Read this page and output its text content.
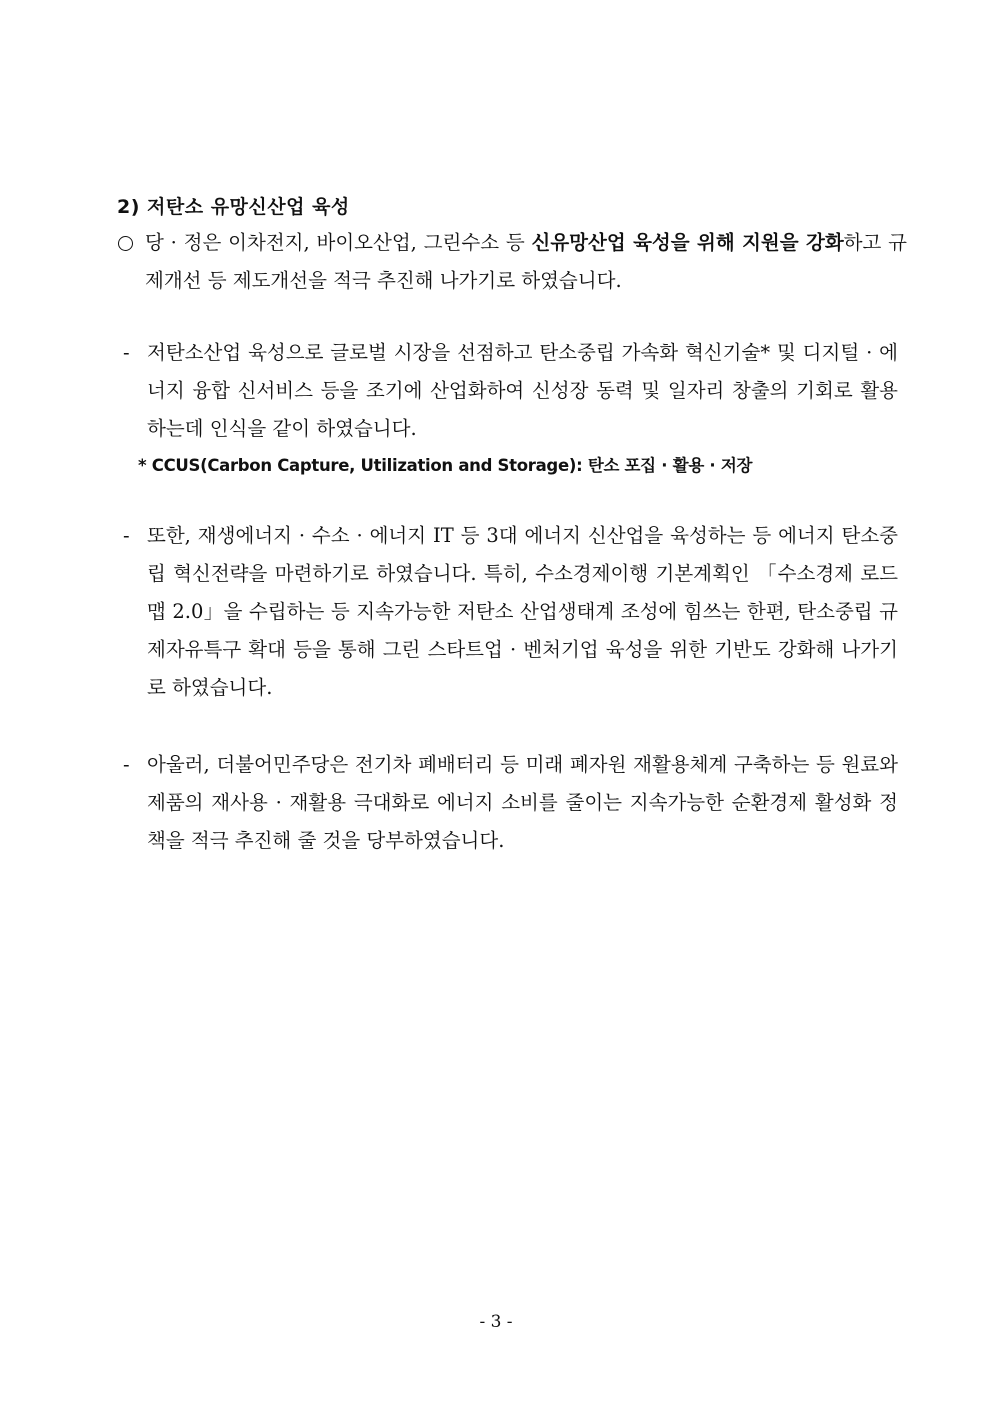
2) 저탄소 유망신산업 육성
당 · 정은 이차전지, 바이오산업, 그린수소 등 신유망산업 육성을 위해 지원을 강화하고 규제개선 등 제도개선을 적극 추진해 나가기로 하였습니다.
- 저탄소산업 육성으로 글로벌 시장을 선점하고 탄소중립 가속화 혁신기술* 및 디지털 · 에너지 융합 신서비스 등을 조기에 산업화하여 신성장 동력 및 일자리 창출의 기회로 활용하는데 인식을 같이 하였습니다.
* CCUS(Carbon Capture, Utilization and Storage): 탄소 포집 · 활용 · 저장
- 또한, 재생에너지 · 수소 · 에너지 IT 등 3대 에너지 신산업을 육성하는 등 에너지 탄소중립 혁신전략을 마련하기로 하였습니다. 특히, 수소경제이행 기본계획인 「수소경제 로드맵 2.0」을 수립하는 등 지속가능한 저탄소 산업생태계 조성에 힘쓰는 한편, 탄소중립 규제자유특구 확대 등을 통해 그린 스타트업 · 벤처기업 육성을 위한 기반도 강화해 나가기로 하였습니다.
- 아울러, 더불어민주당은 전기차 폐배터리 등 미래 폐자원 재활용체계 구축하는 등 원료와 제품의 재사용 · 재활용 극대화로 에너지 소비를 줄이는 지속가능한 순환경제 활성화 정책을 적극 추진해 줄 것을 당부하였습니다.
- 3 -
